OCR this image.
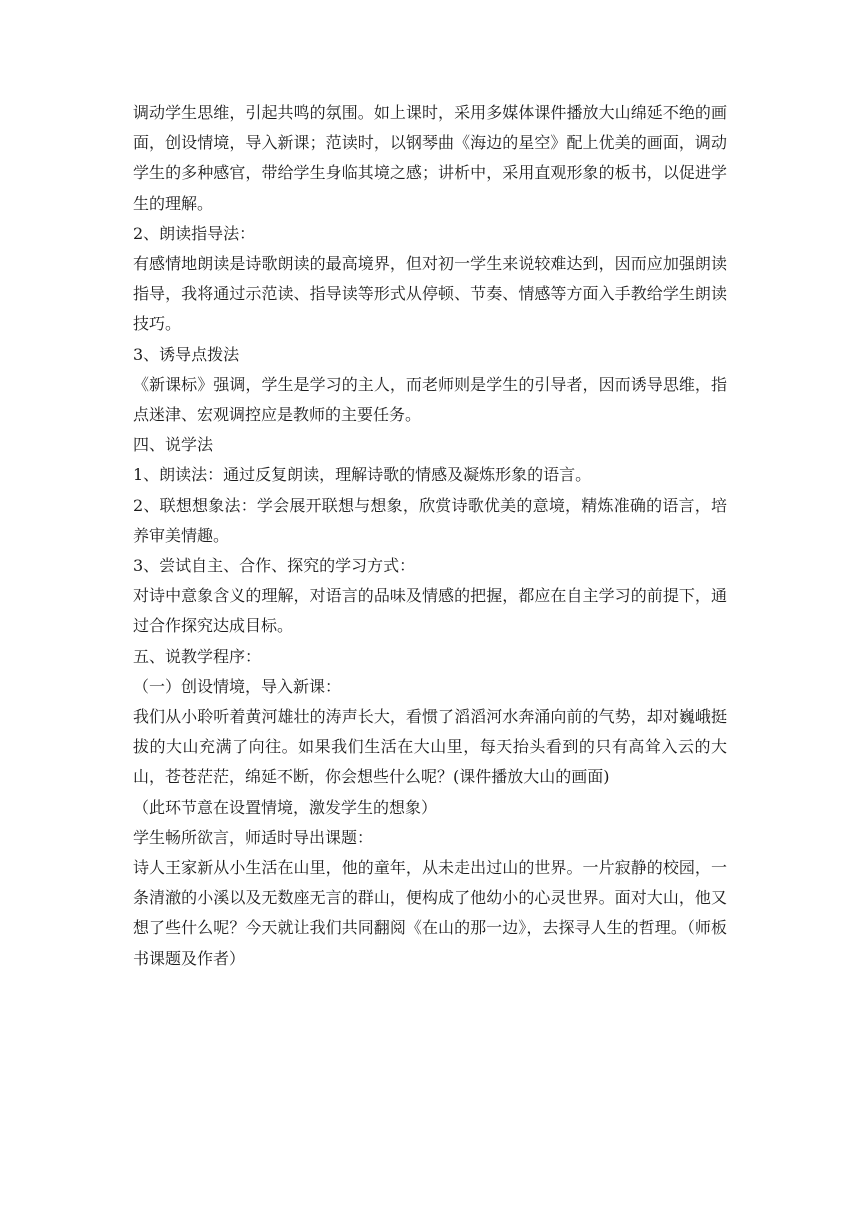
调动学生思维，引起共鸣的氛围。如上课时，采用多媒体课件播放大山绵延不绝的画面，创设情境，导入新课；范读时，以钢琴曲《海边的星空》配上优美的画面，调动学生的多种感官，带给学生身临其境之感；讲析中，采用直观形象的板书，以促进学生的理解。

2、朗读指导法：

有感情地朗读是诗歌朗读的最高境界，但对初一学生来说较难达到，因而应加强朗读指导，我将通过示范读、指导读等形式从停顿、节奏、情感等方面入手教给学生朗读技巧。

3、诱导点拨法

《新课标》强调，学生是学习的主人，而老师则是学生的引导者，因而诱导思维，指点迷津、宏观调控应是教师的主要任务。

四、说学法

1、朗读法：通过反复朗读，理解诗歌的情感及凝炼形象的语言。

2、联想想象法：学会展开联想与想象，欣赏诗歌优美的意境，精炼准确的语言，培养审美情趣。

3、尝试自主、合作、探究的学习方式：

对诗中意象含义的理解，对语言的品味及情感的把握，都应在自主学习的前提下，通过合作探究达成目标。

五、说教学程序：

（一）创设情境，导入新课：

我们从小聆听着黄河雄壮的涛声长大，看惯了滔滔河水奔涌向前的气势，却对巍峨挺拔的大山充满了向往。如果我们生活在大山里，每天抬头看到的只有高耸入云的大山，苍苍茫茫，绵延不断，你会想些什么呢？(课件播放大山的画面)

（此环节意在设置情境，激发学生的想象）

学生畅所欲言，师适时导出课题：

诗人王家新从小生活在山里，他的童年，从未走出过山的世界。一片寂静的校园，一条清澈的小溪以及无数座无言的群山，便构成了他幼小的心灵世界。面对大山，他又想了些什么呢？今天就让我们共同翻阅《在山的那一边》，去探寻人生的哲理。（师板书课题及作者）
